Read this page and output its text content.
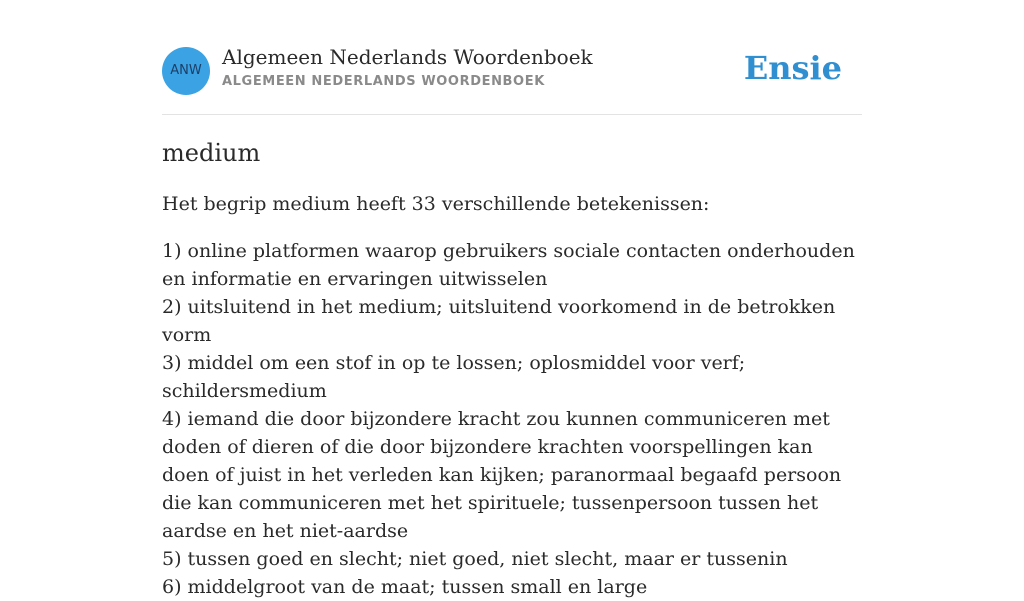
ANW
Algemeen Nederlands Woordenboek
ALGEMEEN NEDERLANDS WOORDENBOEK	Ensie
medium

Het begrip medium heeft 33 verschillende betekenissen:

1) online platformen waarop gebruikers sociale contacten onderhouden en informatie en ervaringen uitwisselen
2) uitsluitend in het medium; uitsluitend voorkomend in de betrokken vorm
3) middel om een stof in op te lossen; oplosmiddel voor verf; schildersmedium
4) iemand die door bijzondere kracht zou kunnen communiceren met doden of dieren of die door bijzondere krachten voorspellingen kan doen of juist in het verleden kan kijken; paranormaal begaafd persoon die kan communiceren met het spirituele; tussenpersoon tussen het aardse en het niet-aardse
5) tussen goed en slecht; niet goed, niet slecht, maar er tussenin
6) middelgroot van de maat; tussen small en large
